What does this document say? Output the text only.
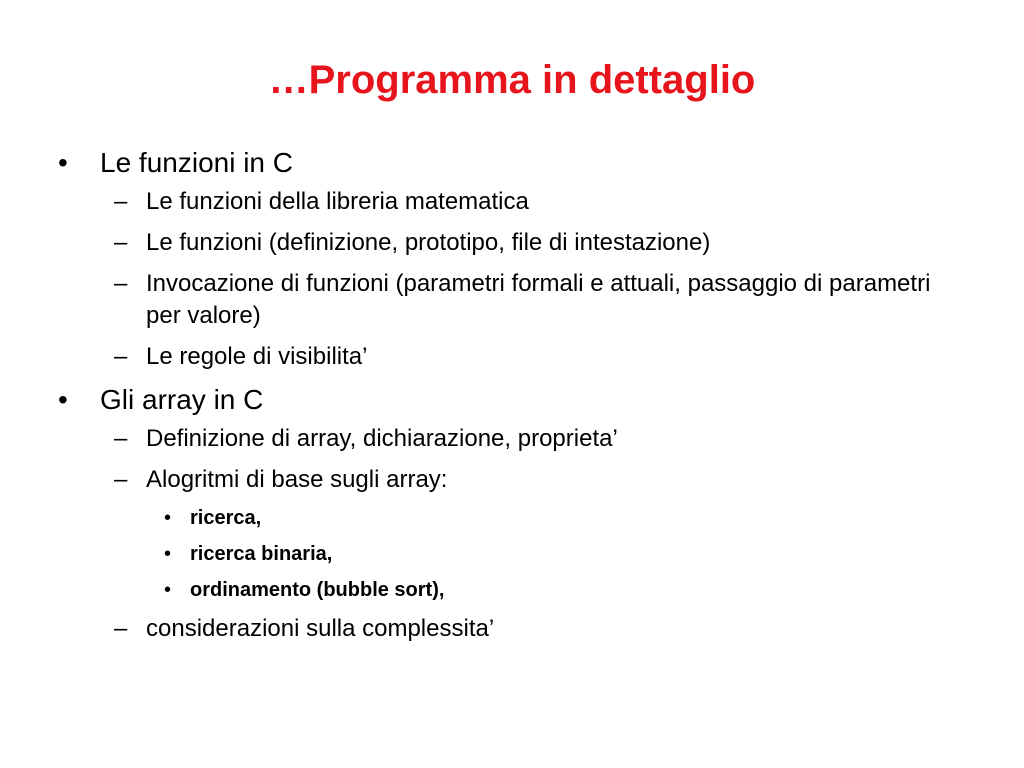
…Programma in dettaglio
• Le funzioni in C
– Le funzioni della libreria matematica
– Le funzioni (definizione, prototipo, file di intestazione)
– Invocazione di funzioni (parametri formali e attuali, passaggio di parametri per valore)
– Le regole di visibilita’
• Gli array in C
– Definizione di array, dichiarazione, proprieta’
– Alogritmi di base sugli array:
• ricerca,
• ricerca binaria,
• ordinamento (bubble sort),
– considerazioni sulla complessita’
